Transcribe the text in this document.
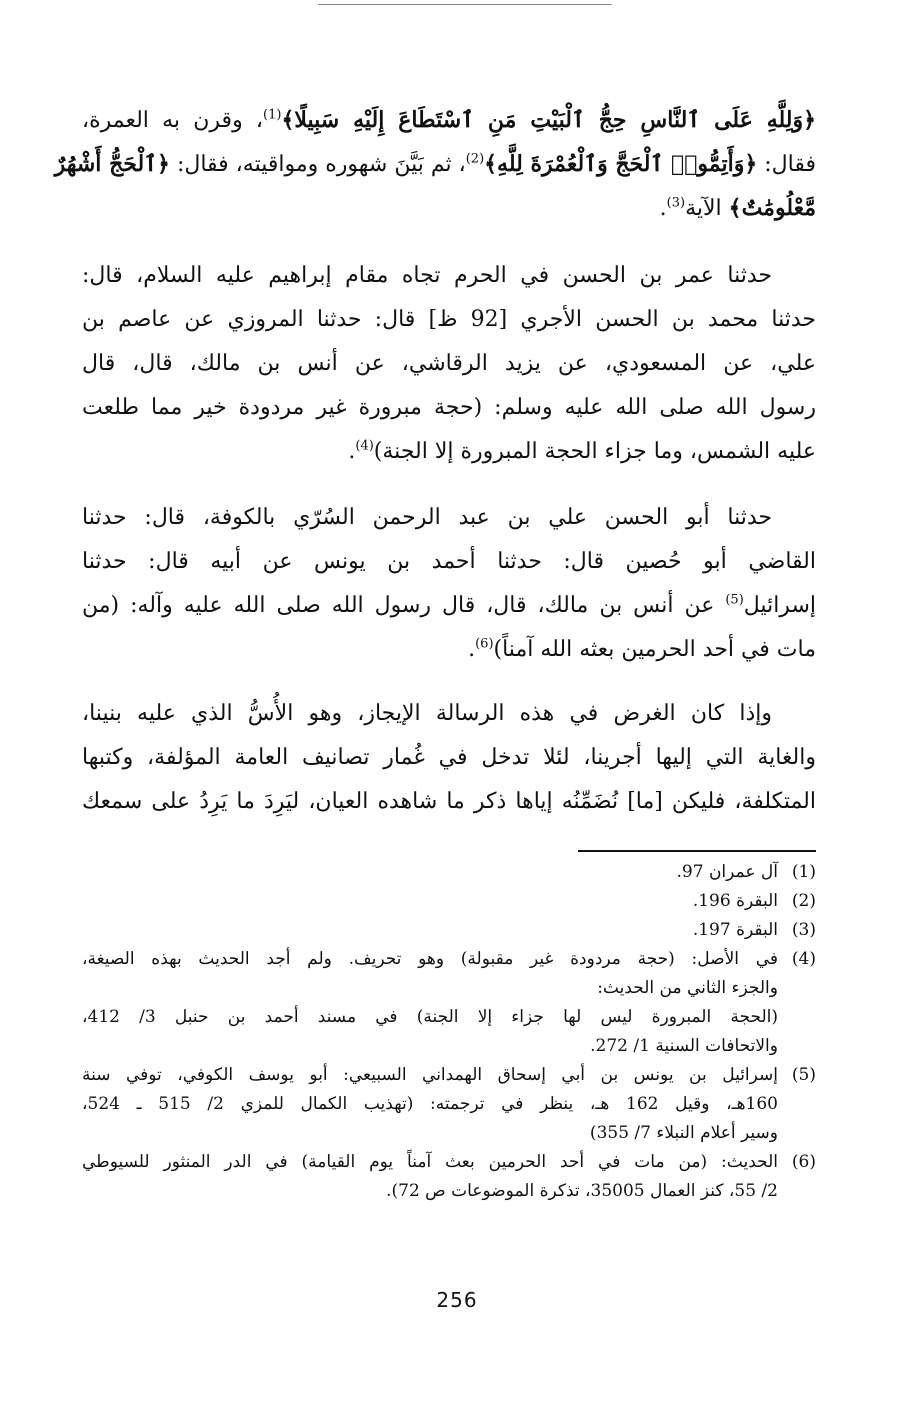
﴿وَلِلَّهِ عَلَى ٱلنَّاسِ حِجُّ ٱلْبَيْتِ مَنِ ٱسْتَطَاعَ إِلَيْهِ سَبِيلًا﴾$^{(1)}$، وقرن به العمرة،
فقال: ﴿وَأَتِمُّوا۟ ٱلْحَجَّ وَٱلْعُمْرَةَ لِلَّهِ﴾$^{(2)}$، ثم بَيَّنَ شهوره ومواقيته، فقال: ﴿ٱلْحَجُّ أَشْهُرٌ
مَّعْلُومَٰتٌ﴾ الآية$^{(3)}$.
حدثنا عمر بن الحسن في الحرم تجاه مقام إبراهيم عليه السلام، قال:
حدثنا محمد بن الحسن الأجري [92 ظ] قال: حدثنا المروزي عن عاصم بن
علي، عن المسعودي، عن يزيد الرقاشي، عن أنس بن مالك، قال، قال
رسول الله صلى الله عليه وسلم: (حجة مبرورة غير مردودة خير مما طلعت
عليه الشمس، وما جزاء الحجة المبرورة إلا الجنة)$^{(4)}$.
حدثنا أبو الحسن علي بن عبد الرحمن السُرّي بالكوفة، قال: حدثنا
القاضي أبو حُصين قال: حدثنا أحمد بن يونس عن أبيه قال: حدثنا
إسرائيل$^{(5)}$ عن أنس بن مالك، قال، قال رسول الله صلى الله عليه وآله: (من
مات في أحد الحرمين بعثه الله آمناً)$^{(6)}$.
وإذا كان الغرض في هذه الرسالة الإيجاز، وهو الأُسُّ الذي عليه بنينا،
والغاية التي إليها أجرينا، لئلا تدخل في غُمار تصانيف العامة المؤلفة، وكتبها
المتكلفة، فليكن [ما] نُضَمِّنُه إياها ذكر ما شاهده العيان، ليَرِدَ ما يَرِدُ على سمعك
(1)
آل عمران 97.
(2)
البقرة 196.
(3)
البقرة 197.
(4)
في الأصل: (حجة مردودة غير مقبولة) وهو تحريف. ولم أجد الحديث بهذه الصيغة،
والجزء الثاني من الحديث:
(الحجة المبرورة ليس لها جزاء إلا الجنة) في مسند أحمد بن حنبل 3/ 412،
والاتحافات السنية 1/ 272.
(5)
إسرائيل بن يونس بن أبي إسحاق الهمداني السبيعي: أبو يوسف الكوفي، توفي سنة
160هـ، وقيل 162 هـ، ينظر في ترجمته: (تهذيب الكمال للمزي 2/ 515 ـ 524،
وسير أعلام النبلاء 7/ 355)
(6)
الحديث: (من مات في أحد الحرمين بعث آمناً يوم القيامة) في الدر المنثور للسيوطي
2/ 55، كنز العمال 35005، تذكرة الموضوعات ص 72).
256
